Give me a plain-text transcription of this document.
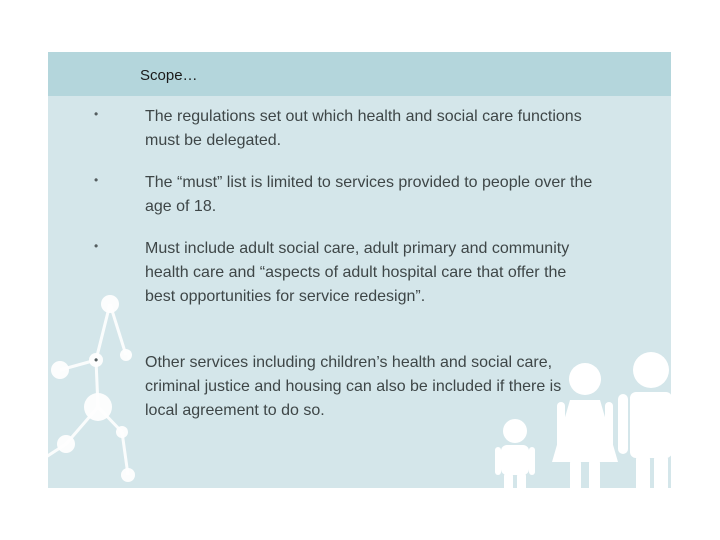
Scope…
•	The regulations set out which health and social care functions must be delegated.
•	The “must” list is limited to services provided to people over the age of 18.
•	Must include adult social care, adult primary and community health care and “aspects of adult hospital care that offer the best opportunities for service redesign”.
•	Other services including children’s health and social care, criminal justice and housing can also be included if there is local agreement to do so.
